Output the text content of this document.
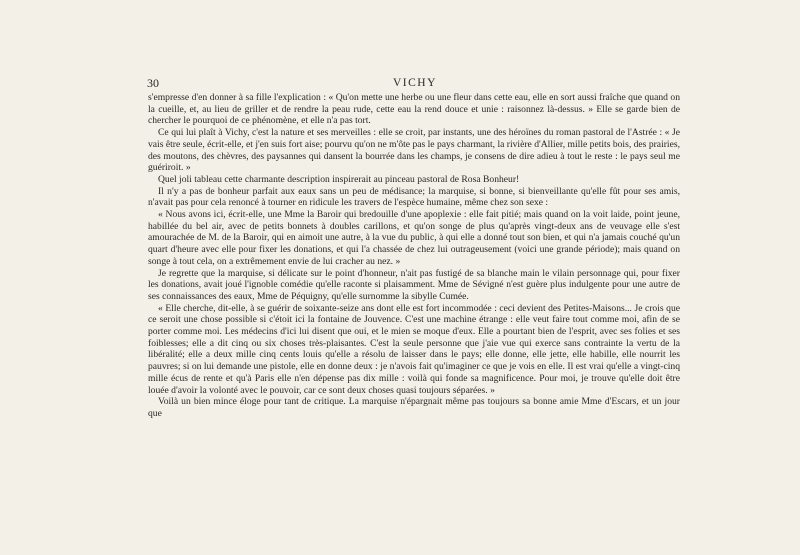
30	VICHY

s'empresse d'en donner à sa fille l'explication : « Qu'on mette une herbe ou une fleur dans cette eau, elle en sort aussi fraîche que quand on la cueille, et, au lieu de griller et de rendre la peau rude, cette eau la rend douce et unie : raisonnez là-dessus. » Elle se garde bien de chercher le pourquoi de ce phénomène, et elle n'a pas tort.

Ce qui lui plaît à Vichy, c'est la nature et ses merveilles : elle se croit, par instants, une des héroïnes du roman pastoral de l'Astrée : « Je vais être seule, écrit-elle, et j'en suis fort aise; pourvu qu'on ne m'ôte pas le pays charmant, la rivière d'Allier, mille petits bois, des prairies, des moutons, des chèvres, des paysannes qui dansent la bourrée dans les champs, je consens de dire adieu à tout le reste : le pays seul me guériroit. »

Quel joli tableau cette charmante description inspirerait au pinceau pastoral de Rosa Bonheur!

Il n'y a pas de bonheur parfait aux eaux sans un peu de médisance; la marquise, si bonne, si bienveillante qu'elle fût pour ses amis, n'avait pas pour cela renoncé à tourner en ridicule les travers de l'espèce humaine, même chez son sexe :

« Nous avons ici, écrit-elle, une Mme la Baroir qui bredouille d'une apoplexie : elle fait pitié; mais quand on la voit laide, point jeune, habillée du bel air, avec de petits bonnets à doubles carillons, et qu'on songe de plus qu'après vingt-deux ans de veuvage elle s'est amourachée de M. de la Baroir, qui en aimoit une autre, à la vue du public, à qui elle a donné tout son bien, et qui n'a jamais couché qu'un quart d'heure avec elle pour fixer les donations, et qui l'a chassée de chez lui outrageusement (voici une grande période); mais quand on songe à tout cela, on a extrêmement envie de lui cracher au nez. »

Je regrette que la marquise, si délicate sur le point d'honneur, n'ait pas fustigé de sa blanche main le vilain personnage qui, pour fixer les donations, avait joué l'ignoble comédie qu'elle raconte si plaisamment. Mme de Sévigné n'est guère plus indulgente pour une autre de ses connaissances des eaux, Mme de Péquigny, qu'elle surnomme la sibylle Cumée.

« Elle cherche, dit-elle, à se guérir de soixante-seize ans dont elle est fort incommodée : ceci devient des Petites-Maisons... Je crois que ce seroit une chose possible si c'étoit ici la fontaine de Jouvence. C'est une machine étrange : elle veut faire tout comme moi, afin de se porter comme moi. Les médecins d'ici lui disent que oui, et le mien se moque d'eux. Elle a pourtant bien de l'esprit, avec ses folies et ses foiblesses; elle a dit cinq ou six choses très-plaisantes. C'est la seule personne que j'aie vue qui exerce sans contrainte la vertu de la libéralité; elle a deux mille cinq cents louis qu'elle a résolu de laisser dans le pays; elle donne, elle jette, elle habille, elle nourrit les pauvres; si on lui demande une pistole, elle en donne deux : je n'avois fait qu'imaginer ce que je vois en elle. Il est vrai qu'elle a vingt-cinq mille écus de rente et qu'à Paris elle n'en dépense pas dix mille : voilà qui fonde sa magnificence. Pour moi, je trouve qu'elle doit être louée d'avoir la volonté avec le pouvoir, car ce sont deux choses quasi toujours séparées. »

Voilà un bien mince éloge pour tant de critique. La marquise n'épargnait même pas toujours sa bonne amie Mme d'Escars, et un jour que
